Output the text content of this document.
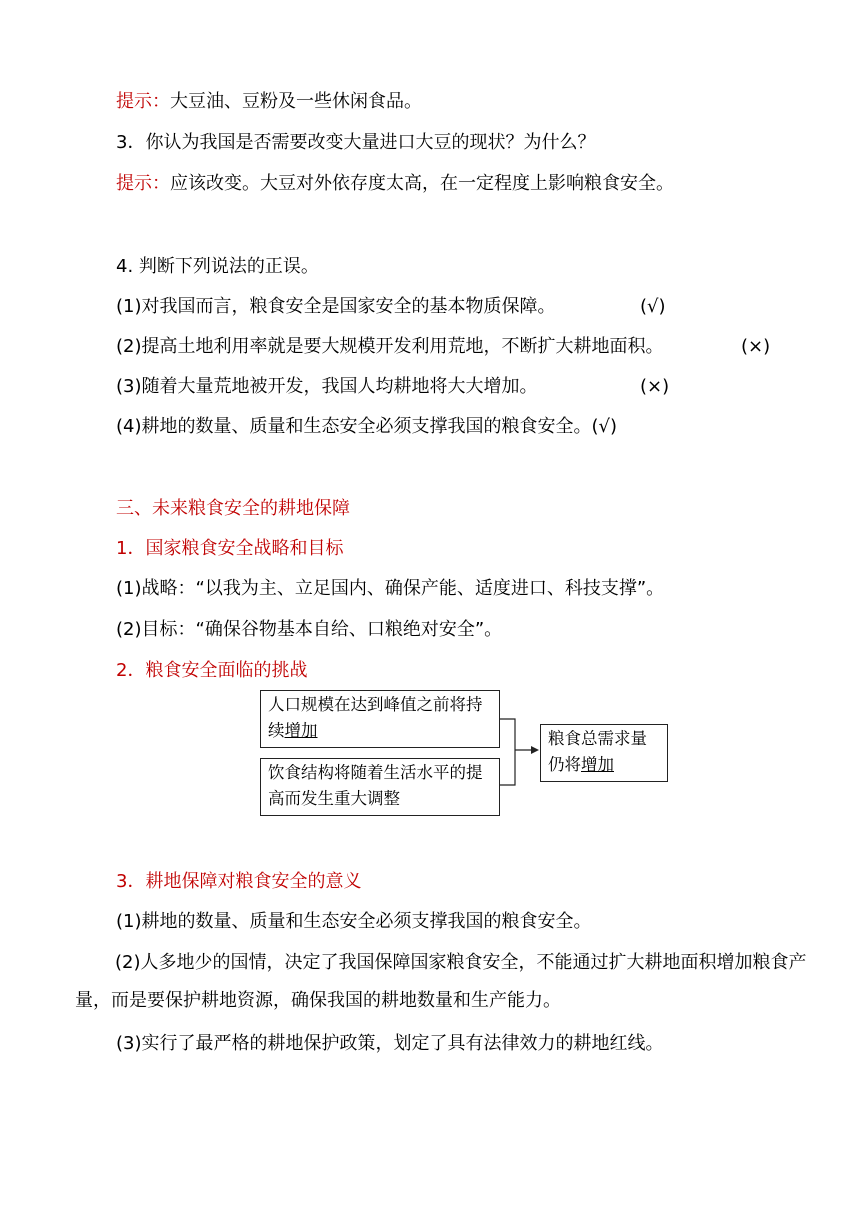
提示：大豆油、豆粉及一些休闲食品。
3．你认为我国是否需要改变大量进口大豆的现状？为什么？
提示：应该改变。大豆对外依存度太高，在一定程度上影响粮食安全。
4. 判断下列说法的正误。
(1)对我国而言，粮食安全是国家安全的基本物质保障。	(√)
(2)提高土地利用率就是要大规模开发利用荒地，不断扩大耕地面积。	(×)
(3)随着大量荒地被开发，我国人均耕地将大大增加。	(×)
(4)耕地的数量、质量和生态安全必须支撑我国的粮食安全。(√)
三、未来粮食安全的耕地保障
1．国家粮食安全战略和目标
(1)战略：“以我为主、立足国内、确保产能、适度进口、科技支撑”。
(2)目标：“确保谷物基本自给、口粮绝对安全”。
2．粮食安全面临的挑战
人口规模在达到峰值之前将持
续增加
饮食结构将随着生活水平的提
高而发生重大调整
粮食总需求量
仍将增加
3．耕地保障对粮食安全的意义
(1)耕地的数量、质量和生态安全必须支撑我国的粮食安全。
(2)人多地少的国情，决定了我国保障国家粮食安全，不能通过扩大耕地面积增加粮食产量，而是要保护耕地资源，确保我国的耕地数量和生产能力。
(3)实行了最严格的耕地保护政策，划定了具有法律效力的耕地红线。
